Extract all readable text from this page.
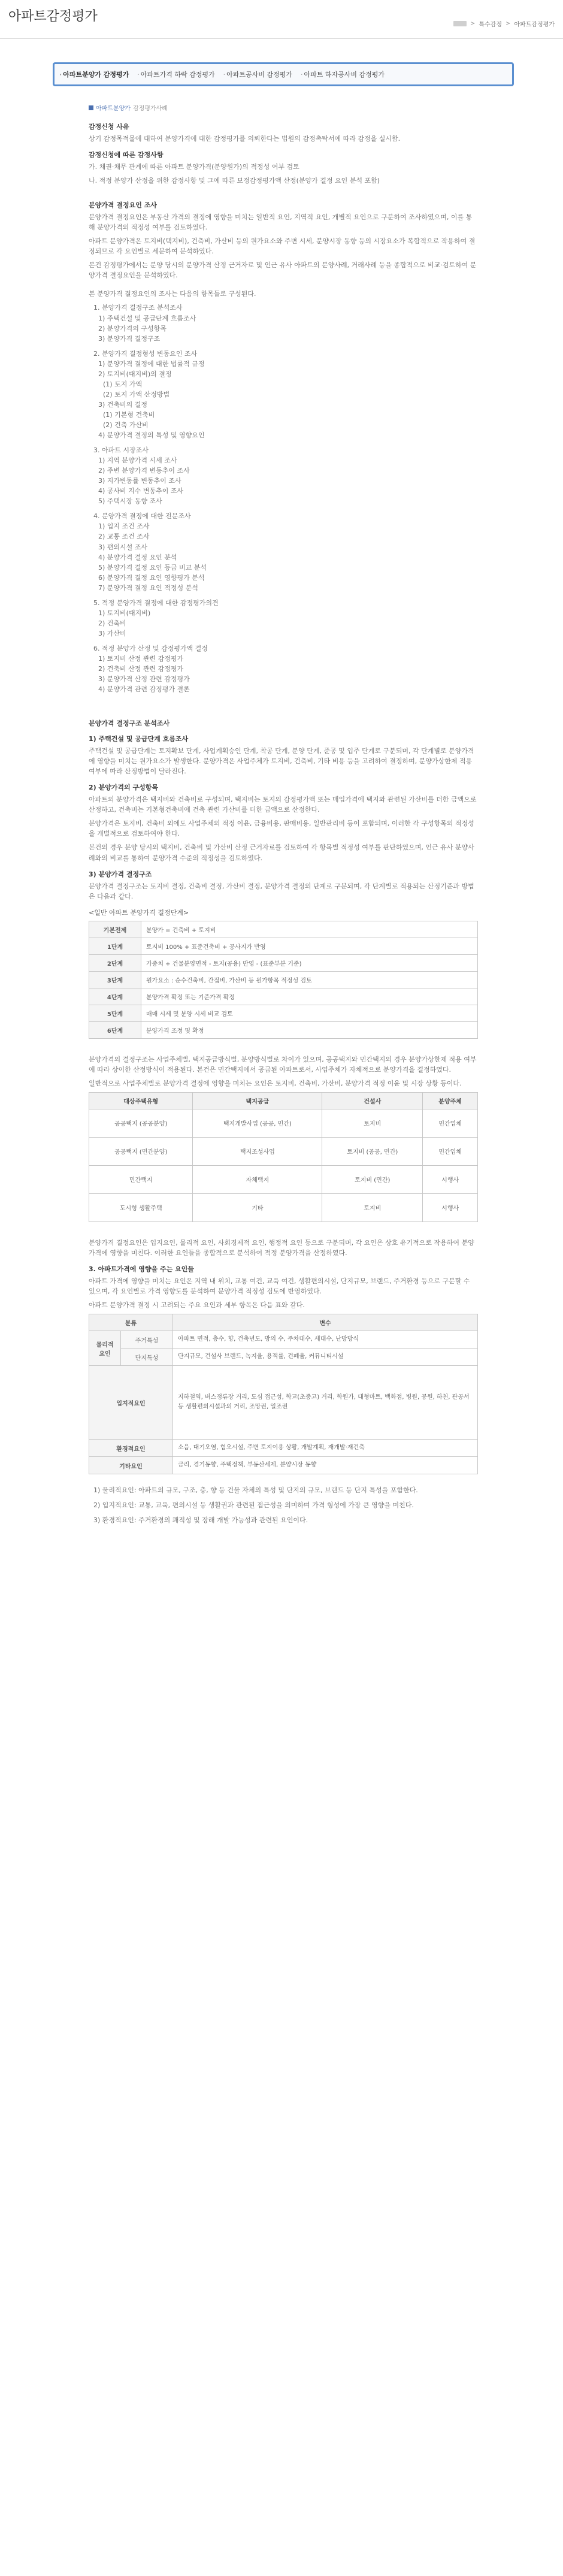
아파트감정평가
> 특수감정 > 아파트감정평가
· 아파트분양가 감정평가 · 아파트가격 하락 감정평가 · 아파트공사비 감정평가 · 아파트 하자공사비 감정평가
아파트분양가 감정평가사례
감정신청 사유

상기 감정목적물에 대하여 분양가격에 대한 감정평가를 의뢰한다는 법원의 감정촉탁서에 따라 감정을 실시함.

감정신청에 따른 감정사항

가. 채권·채무 관계에 따른 아파트 분양가격(분양원가)의 적정성 여부 검토

나. 적정 분양가 산정을 위한 감정사항 및 그에 따른 보정감정평가액 산정(분양가 결정 요인 분석 포함)

분양가격 결정요인 조사

분양가격 결정요인은 부동산 가격의 결정에 영향을 미치는 일반적 요인, 지역적 요인, 개별적 요인으로 구분하여 조사하였으며, 이를 통해 분양가격의 적정성 여부를 검토하였다.

아파트 분양가격은 토지비(택지비), 건축비, 가산비 등의 원가요소와 주변 시세, 분양시장 동향 등의 시장요소가 복합적으로 작용하여 결정되므로 각 요인별로 세분하여 분석하였다.

본건 감정평가에서는 분양 당시의 분양가격 산정 근거자료 및 인근 유사 아파트의 분양사례, 거래사례 등을 종합적으로 비교·검토하여 분양가격 결정요인을 분석하였다.

본 분양가격 결정요인의 조사는 다음의 항목들로 구성된다.

1. 분양가격 결정구조 분석조사
1) 주택건설 및 공급단계 흐름조사
2) 분양가격의 구성항목
3) 분양가격 결정구조
2. 분양가격 결정형성 변동요인 조사
1) 분양가격 결정에 대한 법률적 규정
2) 토지비(대지비)의 결정
(1) 토지 가액
(2) 토지 가액 산정방법
3) 건축비의 결정
(1) 기본형 건축비
(2) 건축 가산비
4) 분양가격 결정의 특성 및 영향요인
3. 아파트 시장조사
1) 지역 분양가격 시세 조사
2) 주변 분양가격 변동추이 조사
3) 지가변동률 변동추이 조사
4) 공사비 지수 변동추이 조사
5) 주택시장 동향 조사
4. 분양가격 결정에 대한 전문조사
1) 입지 조건 조사
2) 교통 조건 조사
3) 편의시설 조사
4) 분양가격 결정 요인 분석
5) 분양가격 결정 요인 등급 비교 분석
6) 분양가격 결정 요인 영향평가 분석
7) 분양가격 결정 요인 적정성 분석
5. 적정 분양가격 결정에 대한 감정평가의견
1) 토지비(대지비)
2) 건축비
3) 가산비
6. 적정 분양가 산정 및 감정평가액 결정
1) 토지비 산정 관련 감정평가
2) 건축비 산정 관련 감정평가
3) 분양가격 산정 관련 감정평가
4) 분양가격 관련 감정평가 결론
분양가격 결정구조 분석조사
1) 주택건설 및 공급단계 흐름조사

주택건설 및 공급단계는 토지확보 단계, 사업계획승인 단계, 착공 단계, 분양 단계, 준공 및 입주 단계로 구분되며, 각 단계별로 분양가격에 영향을 미치는 원가요소가 발생한다. 분양가격은 사업주체가 토지비, 건축비, 기타 비용 등을 고려하여 결정하며, 분양가상한제 적용 여부에 따라 산정방법이 달라진다.

2) 분양가격의 구성항목

아파트의 분양가격은 택지비와 건축비로 구성되며, 택지비는 토지의 감정평가액 또는 매입가격에 택지와 관련된 가산비를 더한 금액으로 산정하고, 건축비는 기본형건축비에 건축 관련 가산비를 더한 금액으로 산정한다.

분양가격은 토지비, 건축비 외에도 사업주체의 적정 이윤, 금융비용, 판매비용, 일반관리비 등이 포함되며, 이러한 각 구성항목의 적정성을 개별적으로 검토하여야 한다.

본건의 경우 분양 당시의 택지비, 건축비 및 가산비 산정 근거자료를 검토하여 각 항목별 적정성 여부를 판단하였으며, 인근 유사 분양사례와의 비교를 통하여 분양가격 수준의 적정성을 검토하였다.

3) 분양가격 결정구조

분양가격 결정구조는 토지비 결정, 건축비 결정, 가산비 결정, 분양가격 결정의 단계로 구분되며, 각 단계별로 적용되는 산정기준과 방법은 다음과 같다.

<일반 아파트 분양가격 결정단계>
기본전제	분양가 = 건축비 + 토지비
1단계	토지비 100% + 표준건축비 + 공사지가 반영
2단계	가중치 + 건물분양면적 - 토지(공용) 반영 - (표준부분 기준)
3단계	원가요소 : 순수건축비, 간접비, 가산비 등 원가항목 적정성 검토
4단계	분양가격 확정 또는 기준가격 확정
5단계	매매 시세 및 분양 시세 비교 검토
6단계	분양가격 조정 및 확정

분양가격의 결정구조는 사업주체별, 택지공급방식별, 분양방식별로 차이가 있으며, 공공택지와 민간택지의 경우 분양가상한제 적용 여부에 따라 상이한 산정방식이 적용된다. 본건은 민간택지에서 공급된 아파트로서, 사업주체가 자체적으로 분양가격을 결정하였다.

일반적으로 사업주체별로 분양가격 결정에 영향을 미치는 요인은 토지비, 건축비, 가산비, 분양가격 적정 이윤 및 시장 상황 등이다.

대상주택유형	택지공급	건설사	분양주체
공공택지 (공공분양)	택지개발사업 (공공, 민간)	토지비	민간업체
공공택지 (민간분양)	택지조성사업	토지비 (공공, 민간)	민간업체
민간택지	자체택지	토지비 (민간)	시행사
도시형 생활주택	기타	토지비	시행사

분양가격 결정요인은 입지요인, 물리적 요인, 사회경제적 요인, 행정적 요인 등으로 구분되며, 각 요인은 상호 유기적으로 작용하여 분양가격에 영향을 미친다. 이러한 요인들을 종합적으로 분석하여 적정 분양가격을 산정하였다.

3. 아파트가격에 영향을 주는 요인들

아파트 가격에 영향을 미치는 요인은 지역 내 위치, 교통 여건, 교육 여건, 생활편의시설, 단지규모, 브랜드, 주거환경 등으로 구분할 수 있으며, 각 요인별로 가격 영향도를 분석하여 분양가격 적정성 검토에 반영하였다.

아파트 분양가격 결정 시 고려되는 주요 요인과 세부 항목은 다음 표와 같다.

분류		변수
물리적 요인	주거특성	아파트 면적, 층수, 향, 건축년도, 방의 수, 주차대수, 세대수, 난방방식
	단지특성	단지규모, 건설사 브랜드, 녹지율, 용적률, 건폐율, 커뮤니티시설
입지적요인		지하철역, 버스정류장 거리, 도심 접근성, 학교(초중고) 거리, 학원가, 대형마트, 백화점, 병원, 공원, 하천, 관공서 등 생활편의시설과의 거리, 조망권, 일조권
환경적요인		소음, 대기오염, 혐오시설, 주변 토지이용 상황, 개발계획, 재개발·재건축
기타요인		금리, 경기동향, 주택정책, 부동산세제, 분양시장 동향
1) 물리적요인: 아파트의 규모, 구조, 층, 향 등 건물 자체의 특성 및 단지의 규모, 브랜드 등 단지 특성을 포함한다.
2) 입지적요인: 교통, 교육, 편의시설 등 생활권과 관련된 접근성을 의미하며 가격 형성에 가장 큰 영향을 미친다.
3) 환경적요인: 주거환경의 쾌적성 및 장래 개발 가능성과 관련된 요인이다.
